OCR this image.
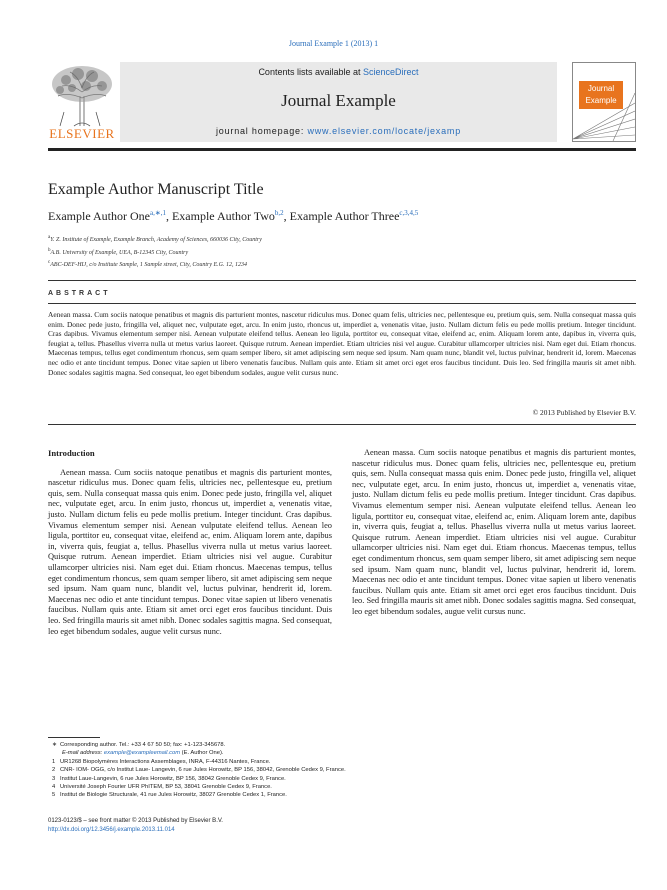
Journal Example 1 (2013) 1
ELSEVIER
Contents lists available at ScienceDirect
Journal Example
journal homepage: www.elsevier.com/locate/jexamp
Journal
Example
Example Author Manuscript Title
Example Author One$^{a,∗,1}$, Example Author Two$^{b,2}$, Example Author Three$^{c,3,4,5}$
$^a$Y. Z. Institute of Example, Example Branch, Academy of Sciences, 660036 City, Country
$^b$A.B. University of Example, UEA, B-12345 City, Country
$^c$ABC-DEF-HIJ, c/o Institute Sample, 1 Sample street, City, Country E.G. 12, 1234
ABSTRACT
Aenean massa. Cum sociis natoque penatibus et magnis dis parturient montes, nascetur ridiculus mus. Donec quam felis, ultricies nec, pellentesque eu, pretium quis, sem. Nulla consequat massa quis enim. Donec pede justo, fringilla vel, aliquet nec, vulputate eget, arcu. In enim justo, rhoncus ut, imperdiet a, venenatis vitae, justo. Nullam dictum felis eu pede mollis pretium. Integer tincidunt. Cras dapibus. Vivamus elementum semper nisi. Aenean vulputate eleifend tellus. Aenean leo ligula, porttitor eu, consequat vitae, eleifend ac, enim. Aliquam lorem ante, dapibus in, viverra quis, feugiat a, tellus. Phasellus viverra nulla ut metus varius laoreet. Quisque rutrum. Aenean imperdiet. Etiam ultricies nisi vel augue. Curabitur ullamcorper ultricies nisi. Nam eget dui. Etiam rhoncus. Maecenas tempus, tellus eget condimentum rhoncus, sem quam semper libero, sit amet adipiscing sem neque sed ipsum. Nam quam nunc, blandit vel, luctus pulvinar, hendrerit id, lorem. Maecenas nec odio et ante tincidunt tempus. Donec vitae sapien ut libero venenatis faucibus. Nullam quis ante. Etiam sit amet orci eget eros faucibus tincidunt. Duis leo. Sed fringilla mauris sit amet nibh. Donec sodales sagittis magna. Sed consequat, leo eget bibendum sodales, augue velit cursus nunc.
© 2013 Published by Elsevier B.V.
Introduction

Aenean massa. Cum sociis natoque penatibus et magnis dis parturient montes, nascetur ridiculus mus. Donec quam felis, ultricies nec, pellentesque eu, pretium quis, sem. Nulla consequat massa quis enim. Donec pede justo, fringilla vel, aliquet nec, vulputate eget, arcu. In enim justo, rhoncus ut, imperdiet a, venenatis vitae, justo. Nullam dictum felis eu pede mollis pretium. Integer tincidunt. Cras dapibus. Vivamus elementum semper nisi. Aenean vulputate eleifend tellus. Aenean leo ligula, porttitor eu, consequat vitae, eleifend ac, enim. Aliquam lorem ante, dapibus in, viverra quis, feugiat a, tellus. Phasellus viverra nulla ut metus varius laoreet. Quisque rutrum. Aenean imperdiet. Etiam ultricies nisi vel augue. Curabitur ullamcorper ultricies nisi. Nam eget dui. Etiam rhoncus. Maecenas tempus, tellus eget condimentum rhoncus, sem quam semper libero, sit amet adipiscing sem neque sed ipsum. Nam quam nunc, blandit vel, luctus pulvinar, hendrerit id, lorem. Maecenas nec odio et ante tincidunt tempus. Donec vitae sapien ut libero venenatis faucibus. Nullam quis ante. Etiam sit amet orci eget eros faucibus tincidunt. Duis leo. Sed fringilla mauris sit amet nibh. Donec sodales sagittis magna. Sed consequat, leo eget bibendum sodales, augue velit cursus nunc.

Aenean massa. Cum sociis natoque penatibus et magnis dis parturient montes, nascetur ridiculus mus. Donec quam felis, ultricies nec, pellentesque eu, pretium quis, sem. Nulla consequat massa quis enim. Donec pede justo, fringilla vel, aliquet nec, vulputate eget, arcu. In enim justo, rhoncus ut, imperdiet a, venenatis vitae, justo. Nullam dictum felis eu pede mollis pretium. Integer tincidunt. Cras dapibus. Vivamus elementum semper nisi. Aenean vulputate eleifend tellus. Aenean leo ligula, porttitor eu, consequat vitae, eleifend ac, enim. Aliquam lorem ante, dapibus in, viverra quis, feugiat a, tellus. Phasellus viverra nulla ut metus varius laoreet. Quisque rutrum. Aenean imperdiet. Etiam ultricies nisi vel augue. Curabitur ullamcorper ultricies nisi. Nam eget dui. Etiam rhoncus. Maecenas tempus, tellus eget condimentum rhoncus, sem quam semper libero, sit amet adipiscing sem neque sed ipsum. Nam quam nunc, blandit vel, luctus pulvinar, hendrerit id, lorem. Maecenas nec odio et ante tincidunt tempus. Donec vitae sapien ut libero venenatis faucibus. Nullam quis ante. Etiam sit amet orci eget eros faucibus tincidunt. Duis leo. Sed fringilla mauris sit amet nibh. Donec sodales sagittis magna. Sed consequat, leo eget bibendum sodales, augue velit cursus nunc.

∗ Corresponding author. Tel.: +33 4 67 50 50; fax: +1-123-345678.
E-mail address: example@exampleemail.com (E. Author One).
1 UR1268 Biopolymères Interactions Assemblages, INRA, F-44316 Nantes, France.
2 CNR- IOM- OGG, c/o Institut Laue- Langevin, 6 rue Jules Horowitz, BP 156, 38042, Grenoble Cedex 9, France.
3 Institut Laue-Langevin, 6 rue Jules Horowitz, BP 156, 38042 Grenoble Cedex 9, France.
4 Université Joseph Fourier UFR PhITEM, BP 53, 38041 Grenoble Cedex 9, France.
5 Institut de Biologie Structurale, 41 rue Jules Horowitz, 38027 Grenoble Cedex 1, France.
0123-0123/$ – see front matter © 2013 Published by Elsevier B.V.
http://dx.doi.org/12.3456/j.example.2013.11.014
